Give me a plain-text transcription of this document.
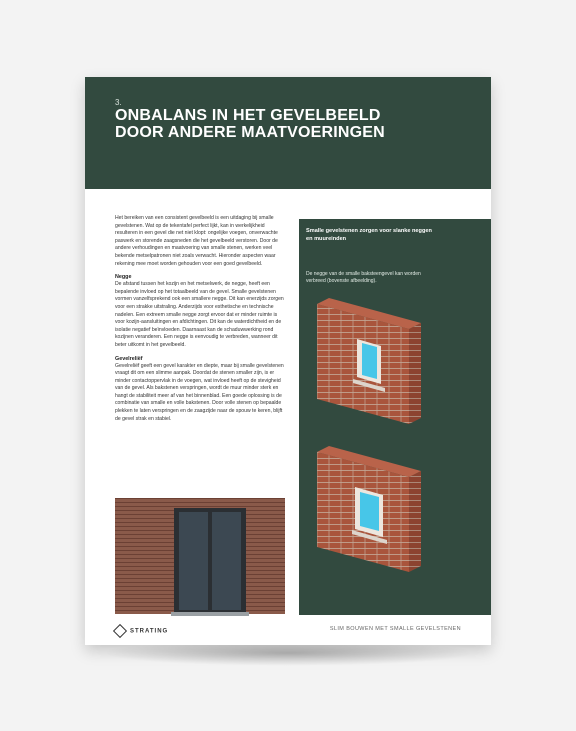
3.
ONBALANS IN HET GEVELBEELD
DOOR ANDERE MAATVOERINGEN

Het bereiken van een consistent gevelbeeld is een uitdaging bij smalle gevelstenen. Wat op de tekentafel perfect lijkt, kan in werkelijkheid resulteren in een gevel die net niet klopt: ongelijke voegen, onverwachte paswerk en storende zaagsneden die het gevelbeeld verstoren. Door de andere verhoudingen en maatvoering van smalle stenen, werken veel bekende metselpatronen niet zoals verwacht. Hieronder aspecten waar rekening mee moet worden gehouden voor een goed gevelbeeld.

Negge

De afstand tussen het kozijn en het metselwerk, de negge, heeft een bepalende invloed op het totaalbeeld van de gevel. Smalle gevelstenen vormen vanzelfsprekend ook een smallere negge. Dit kan enerzijds zorgen voor een strakke uitstraling. Anderzijds voor esthetische en technische nadelen. Een extreem smalle negge zorgt ervoor dat er minder ruimte is voor kozijn-aansluitingen en afdichtingen. Dit kan de waterdichtheid en de isolatie negatief beïnvloeden. Daarnaast kan de schaduwwerking rond kozijnen veranderen. Een negge is eenvoudig te verbreden, wanneer dit beter uitkomt in het gevelbeeld.

Gevelreliëf

Gevelreliëf geeft een gevel karakter en diepte, maar bij smalle gevelstenen vraagt dit om een slimme aanpak. Doordat de stenen smaller zijn, is er minder contactoppervlak in de voegen, wat invloed heeft op de stevigheid van de gevel. Als bakstenen verspringen, wordt de muur minder sterk en hangt de stabiliteit meer af van het binnenblad. Een goede oplossing is de combinatie van smalle en volle bakstenen. Door volle stenen op bepaalde plekken te laten verspringen en de zaagzijde naar de spouw te keren, blijft de gevel strak en stabiel.

Smalle gevelstenen zorgen voor slanke neggen en muureinden
De negge van de smalle baksteengevel kan worden verbreed (bovenste afbeelding).
STRATING	SLIM BOUWEN MET SMALLE GEVELSTENEN
